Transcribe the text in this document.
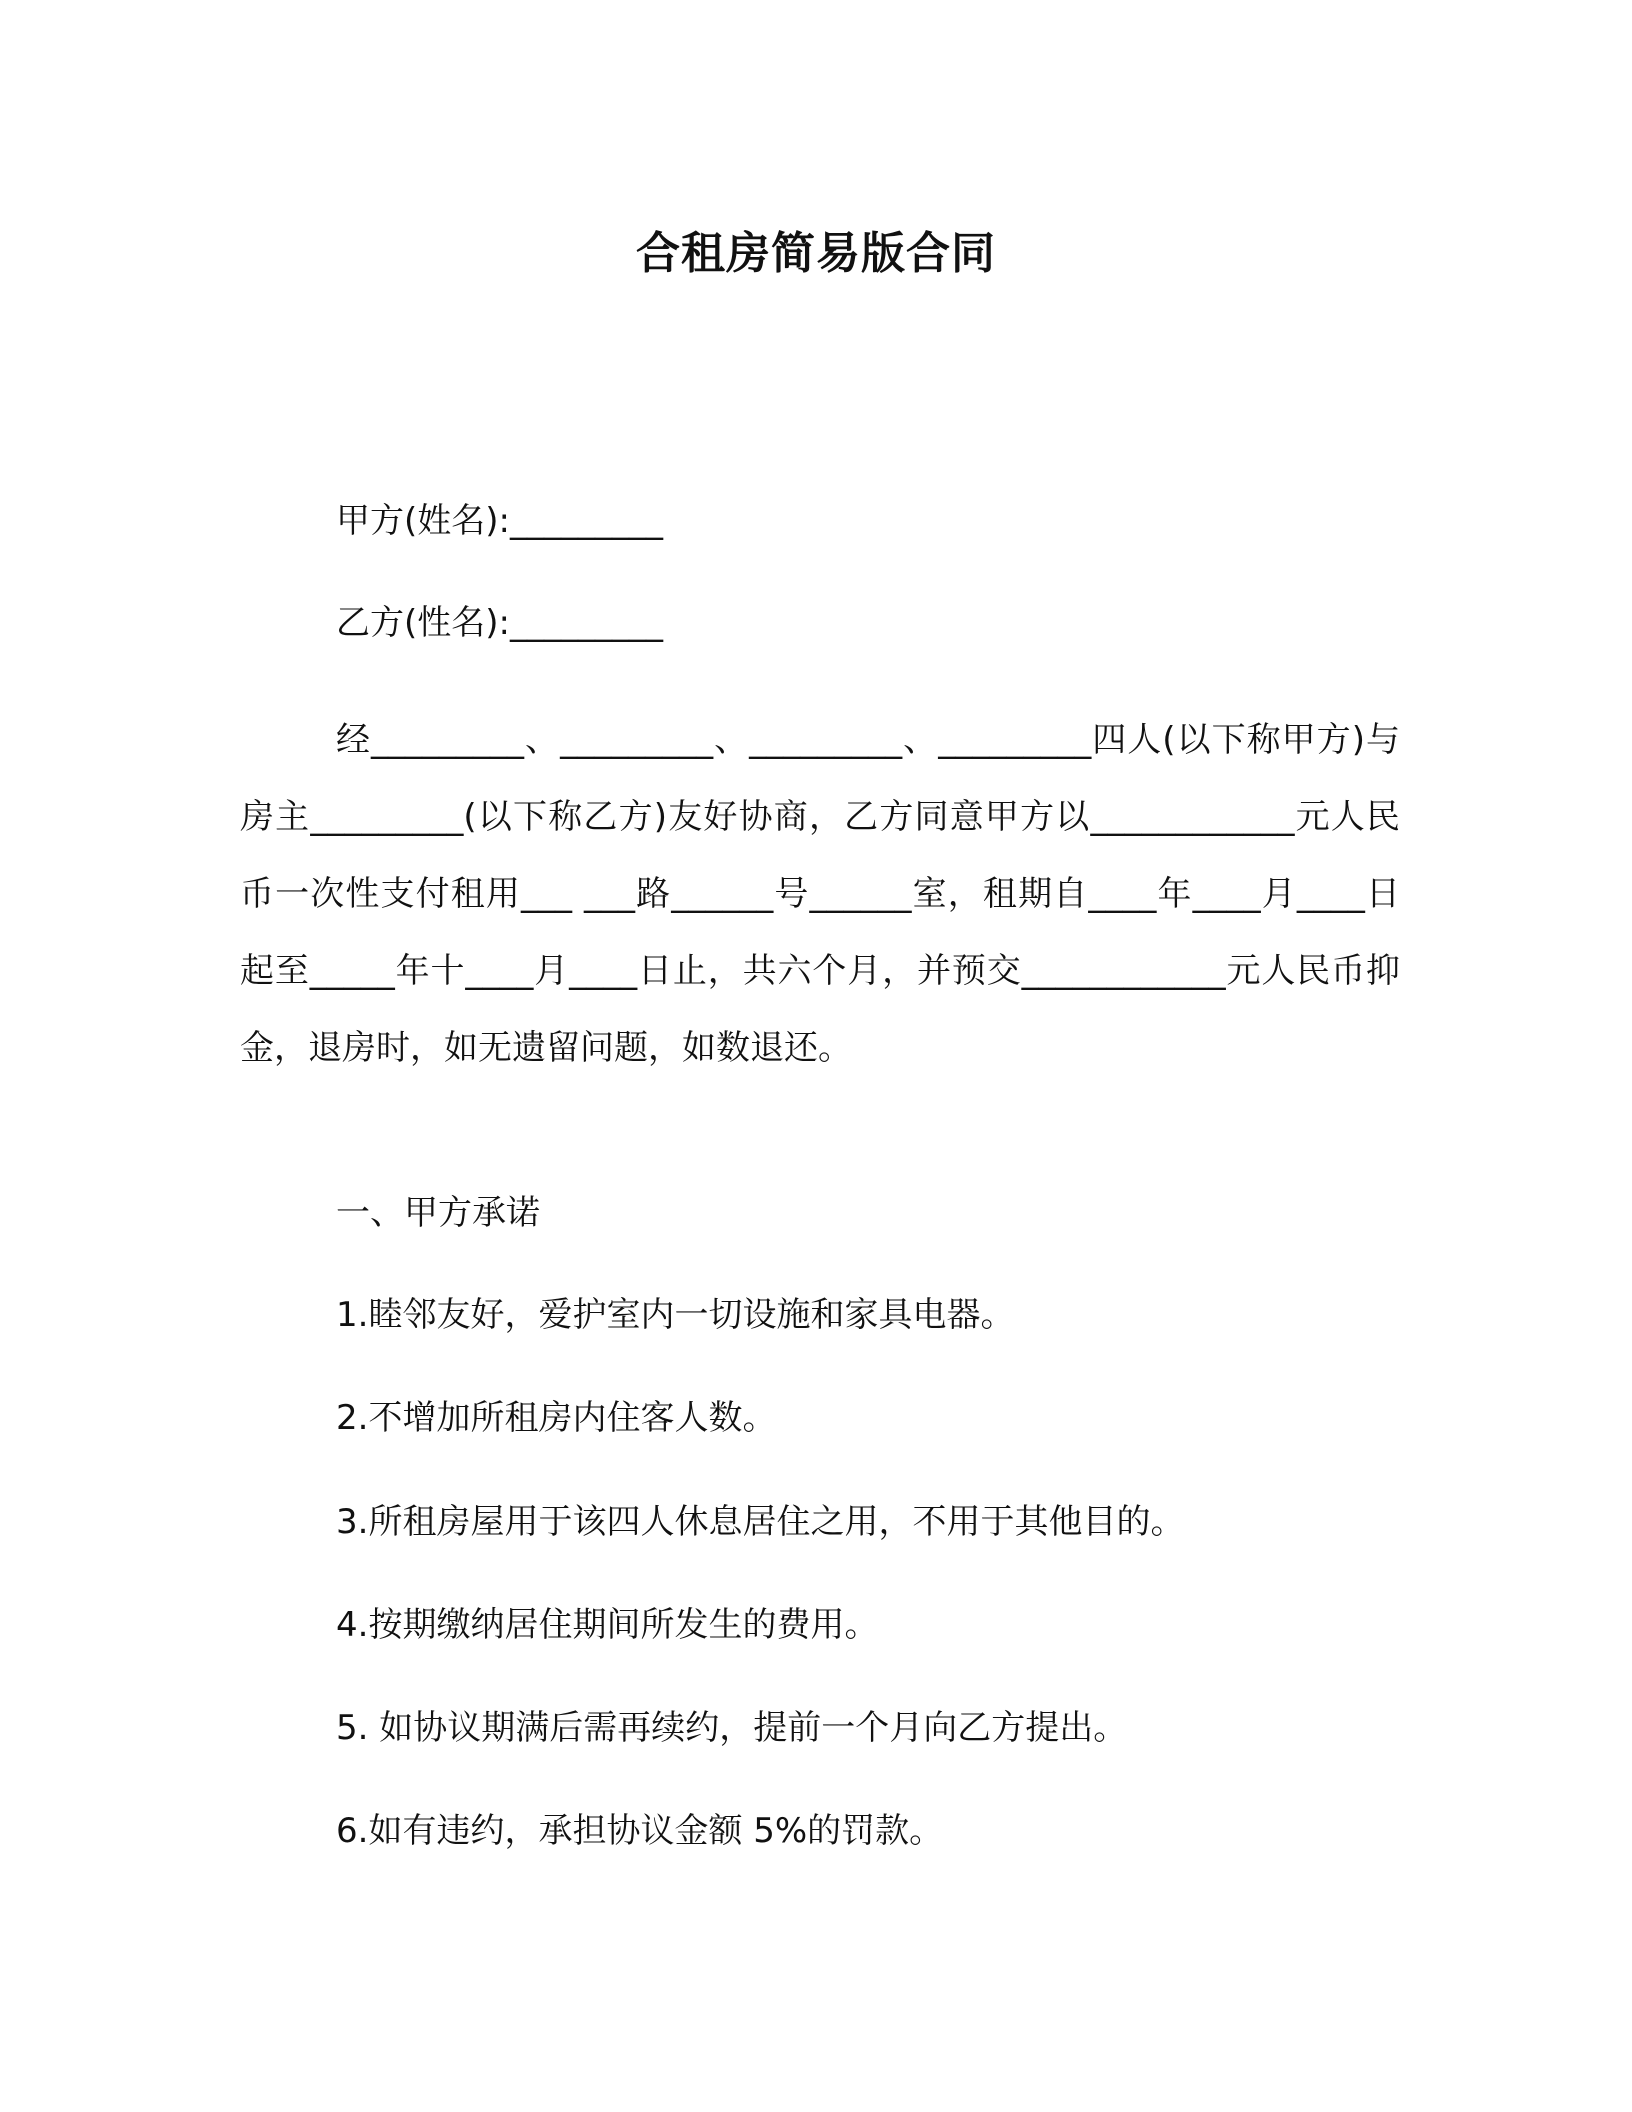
合租房简易版合同
甲方(姓名):_________
乙方(性名):_________
经_________、_________、_________、_________四人(以下称甲方)与房主_________(以下称乙方)友好协商，乙方同意甲方以____________元人民币一次性支付租用___ ___路______号______室，租期自____年____月____日起至_____年十____月____日止，共六个月，并预交____________元人民币抑金，退房时，如无遗留问题，如数退还。
一、甲方承诺
1.睦邻友好，爱护室内一切设施和家具电器。
2.不增加所租房内住客人数。
3.所租房屋用于该四人休息居住之用，不用于其他目的。
4.按期缴纳居住期间所发生的费用。
5. 如协议期满后需再续约，提前一个月向乙方提出。
6.如有违约，承担协议金额 5%的罚款。
